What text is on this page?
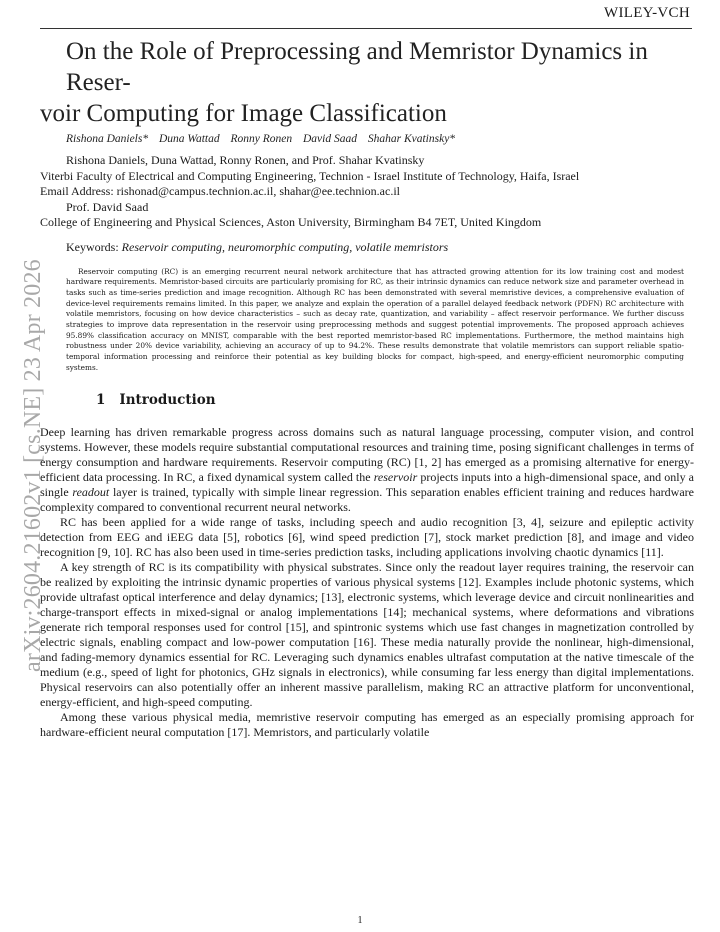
WILEY-VCH
arXiv:2604.21602v1 [cs.NE] 23 Apr 2026
On the Role of Preprocessing and Memristor Dynamics in Reser-
voir Computing for Image Classification
Rishona Daniels* Duna Wattad Ronny Ronen David Saad Shahar Kvatinsky*
Rishona Daniels, Duna Wattad, Ronny Ronen, and Prof. Shahar Kvatinsky
Viterbi Faculty of Electrical and Computing Engineering, Technion - Israel Institute of Technology, Haifa, Israel
Email Address: rishonad@campus.technion.ac.il, shahar@ee.technion.ac.il
Prof. David Saad
College of Engineering and Physical Sciences, Aston University, Birmingham B4 7ET, United Kingdom
Keywords: Reservoir computing, neuromorphic computing, volatile memristors
Reservoir computing (RC) is an emerging recurrent neural network architecture that has attracted growing attention for its low training cost and modest hardware requirements. Memristor-based circuits are particularly promising for RC, as their intrinsic dynamics can reduce network size and parameter overhead in tasks such as time-series prediction and image recognition. Although RC has been demonstrated with several memristive devices, a comprehensive evaluation of device-level requirements remains limited. In this paper, we analyze and explain the operation of a parallel delayed feedback network (PDFN) RC architecture with volatile memristors, focusing on how device characteristics – such as decay rate, quantization, and variability – affect reservoir performance. We further discuss strategies to improve data representation in the reservoir using preprocessing methods and suggest potential improvements. The proposed approach achieves 95.89% classification accuracy on MNIST, comparable with the best reported memristor-based RC implementations. Furthermore, the method maintains high robustness under 20% device variability, achieving an accuracy of up to 94.2%. These results demonstrate that volatile memristors can support reliable spatio-temporal information processing and reinforce their potential as key building blocks for compact, high-speed, and energy-efficient neuromorphic computing systems.
1 Introduction

Deep learning has driven remarkable progress across domains such as natural language processing, computer vision, and control systems. However, these models require substantial computational resources and training time, posing significant challenges in terms of energy consumption and hardware requirements. Reservoir computing (RC) [1, 2] has emerged as a promising alternative for energy-efficient data processing. In RC, a fixed dynamical system called the reservoir projects inputs into a high-dimensional space, and only a single readout layer is trained, typically with simple linear regression. This separation enables efficient training and reduces hardware complexity compared to conventional recurrent neural networks.

RC has been applied for a wide range of tasks, including speech and audio recognition [3, 4], seizure and epileptic activity detection from EEG and iEEG data [5], robotics [6], wind speed prediction [7], stock market prediction [8], and image and video recognition [9, 10]. RC has also been used in time-series prediction tasks, including applications involving chaotic dynamics [11].

A key strength of RC is its compatibility with physical substrates. Since only the readout layer requires training, the reservoir can be realized by exploiting the intrinsic dynamic properties of various physical systems [12]. Examples include photonic systems, which provide ultrafast optical interference and delay dynamics; [13], electronic systems, which leverage device and circuit nonlinearities and charge-transport effects in mixed-signal or analog implementations [14]; mechanical systems, where deformations and vibrations generate rich temporal responses used for control [15], and spintronic systems which use fast changes in magnetization controlled by electric signals, enabling compact and low-power computation [16]. These media naturally provide the nonlinear, high-dimensional, and fading-memory dynamics essential for RC. Leveraging such dynamics enables ultrafast computation at the native timescale of the medium (e.g., speed of light for photonics, GHz signals in electronics), while consuming far less energy than digital implementations. Physical reservoirs can also potentially offer an inherent massive parallelism, making RC an attractive platform for unconventional, energy-efficient, and high-speed computing.

Among these various physical media, memristive reservoir computing has emerged as an especially promising approach for hardware-efficient neural computation [17]. Memristors, and particularly volatile

1
